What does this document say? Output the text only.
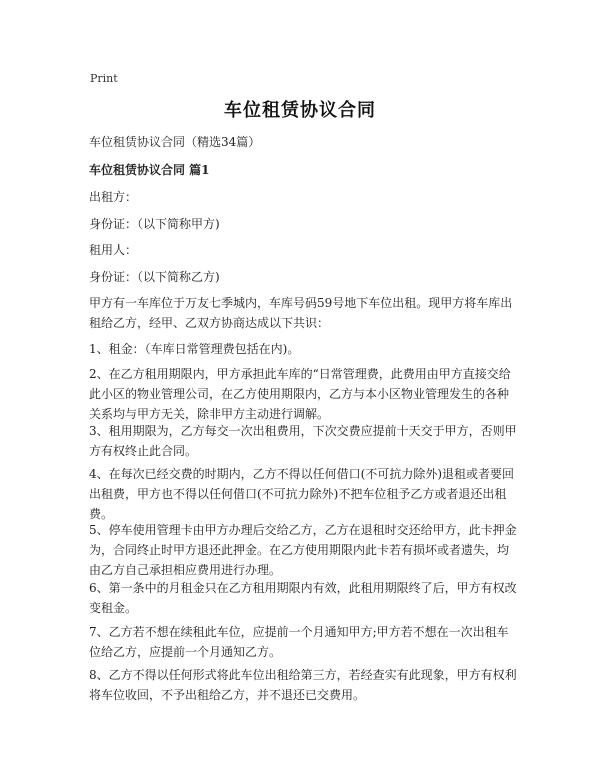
Print
车位租赁协议合同

车位租赁协议合同（精选34篇）

车位租赁协议合同 篇1

出租方：

身份证：（以下简称甲方)

租用人：

身份证：（以下简称乙方)

甲方有一车库位于万友七季城内，车库号码59号地下车位出租。现甲方将车库出租给乙方，经甲、乙双方协商达成以下共识：

1、租金：（车库日常管理费包括在内)。

2、在乙方租用期限内，甲方承担此车库的“日常管理费，此费用由甲方直接交给此小区的物业管理公司，在乙方使用期限内，乙方与本小区物业管理发生的各种关系均与甲方无关，除非甲方主动进行调解。

3、租用期限为，乙方每交一次出租费用，下次交费应提前十天交于甲方，否则甲方有权终止此合同。

4、在每次已经交费的时期内，乙方不得以任何借口(不可抗力除外)退租或者要回出租费，甲方也不得以任何借口(不可抗力除外)不把车位租予乙方或者退还出租费。

5、停车使用管理卡由甲方办理后交给乙方，乙方在退租时交还给甲方，此卡押金为，合同终止时甲方退还此押金。在乙方使用期限内此卡若有损坏或者遗失，均由乙方自己承担相应费用进行办理。

6、第一条中的月租金只在乙方租用期限内有效，此租用期限终了后，甲方有权改变租金。

7、乙方若不想在续租此车位，应提前一个月通知甲方;甲方若不想在一次出租车位给乙方，应提前一个月通知乙方。

8、乙方不得以任何形式将此车位出租给第三方，若经查实有此现象，甲方有权利将车位收回，不予出租给乙方，并不退还已交费用。
